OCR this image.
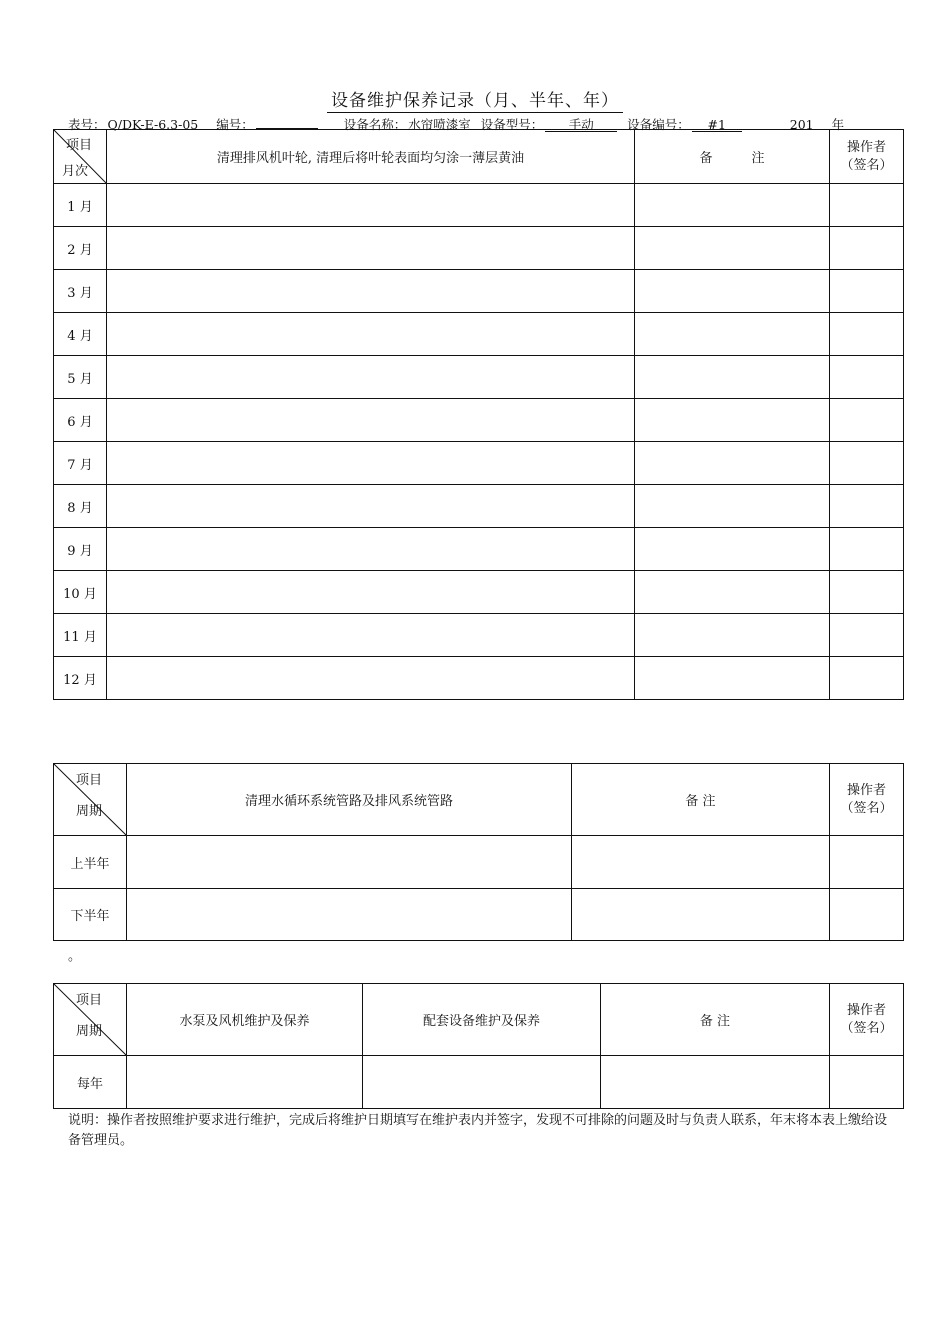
设备维护保养记录（月、半年、年）
表号： Q/DK-E-6.3-05 编号：	设备名称： 水帘喷漆室 设备型号： 手动	设备编号： #1	201 年
项目
月次	清理排风机叶轮, 清理后将叶轮表面均匀涂一薄层黄油	备　　　注	操作者
（签名）
1 月			
2 月			
3 月			
4 月			
5 月			
6 月			
7 月			
8 月			
9 月			
10 月			
11 月			
12 月			
项目
周期	清理水循环系统管路及排风系统管路	备 注	操作者
（签名）
上半年			
下半年			
。
项目
周期	水泵及风机维护及保养	配套设备维护及保养	备 注	操作者
（签名）
每年				
说明：操作者按照维护要求进行维护，完成后将维护日期填写在维护表内并签字，发现不可排除的问题及时与负责人联系，年末将本表上缴给设备管理员。
